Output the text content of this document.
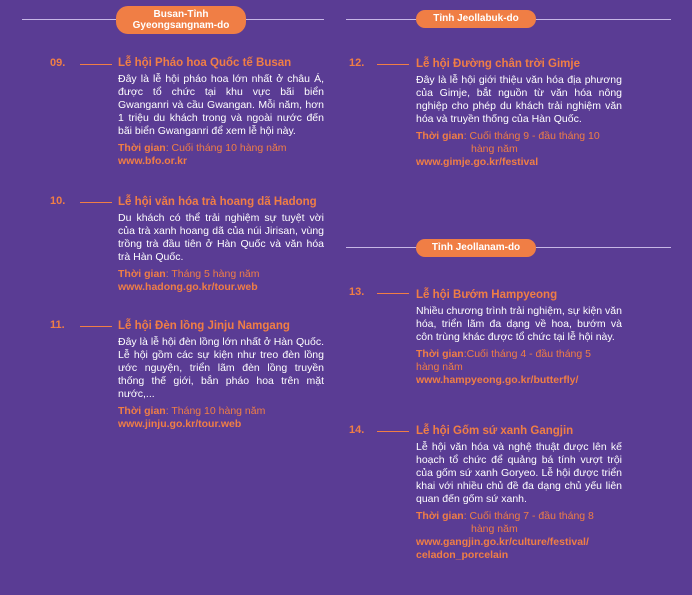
Busan-Tỉnh
Gyeongsangnam-do
09.	Lễ hội Pháo hoa Quốc tế Busan
Đây là lễ hội pháo hoa lớn nhất ở châu Á, được tổ chức tại khu vực bãi biển Gwanganri và cầu Gwangan. Mỗi năm, hơn 1 triệu du khách trong và ngoài nước đến bãi biển Gwanganri để xem lễ hội này.
Thời gian: Cuối tháng 10 hàng năm
www.bfo.or.kr
10.	Lễ hội văn hóa trà hoang dã Hadong
Du khách có thể trải nghiệm sự tuyệt vời của trà xanh hoang dã của núi Jirisan, vùng trồng trà đầu tiên ở Hàn Quốc và văn hóa trà Hàn Quốc.
Thời gian: Tháng 5 hàng năm
www.hadong.go.kr/tour.web
11.	Lễ hội Đèn lồng Jinju Namgang
Đây là lễ hội đèn lồng lớn nhất ở Hàn Quốc. Lễ hội gồm các sự kiện như treo đèn lồng ước nguyện, triển lãm đèn lồng truyền thống thế giới, bắn pháo hoa trên mặt nước,...
Thời gian: Tháng 10 hàng năm
www.jinju.go.kr/tour.web
Tỉnh Jeollabuk-do
12.	Lễ hội Đường chân trời Gimje
Đây là lễ hội giới thiệu văn hóa địa phương của Gimje, bắt nguồn từ văn hóa nông nghiệp cho phép du khách trải nghiệm văn hóa và truyền thống của Hàn Quốc.
Thời gian: Cuối tháng 9 - đầu tháng 10
hàng năm
www.gimje.go.kr/festival
Tỉnh Jeollanam-do
13.	Lễ hội Bướm Hampyeong
Nhiều chương trình trải nghiệm, sự kiện văn hóa, triển lãm đa dạng về hoa, bướm và côn trùng khác được tổ chức tại lễ hội này.
Thời gian:Cuối tháng 4 - đầu tháng 5
hàng năm
www.hampyeong.go.kr/butterfly/
14.	Lễ hội Gốm sứ xanh Gangjin
Lễ hội văn hóa và nghệ thuật được lên kế hoạch tổ chức để quảng bá tính vượt trội của gốm sứ xanh Goryeo. Lễ hội được triển khai với nhiều chủ đề đa dạng chủ yếu liên quan đến gốm sứ xanh.
Thời gian: Cuối tháng 7 - đầu tháng 8
hàng năm
www.gangjin.go.kr/culture/festival/
celadon_porcelain
